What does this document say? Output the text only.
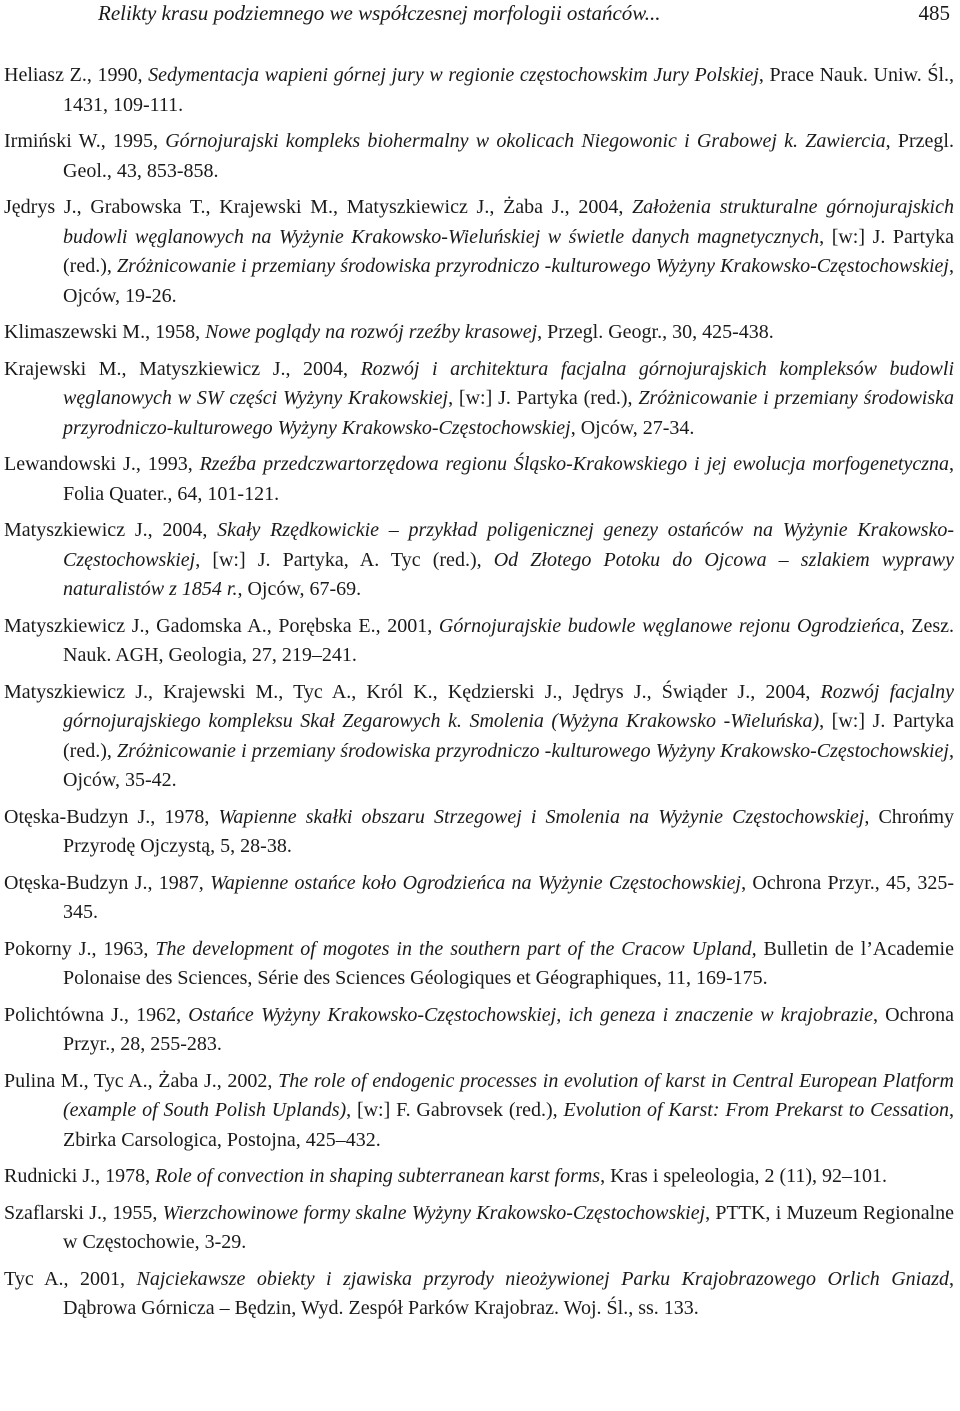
Relikty krasu podziemnego we współczesnej morfologii ostańców...	485
Heliasz Z., 1990, Sedymentacja wapieni górnej jury w regionie częstochowskim Jury Polskiej, Prace Nauk. Uniw. Śl., 1431, 109-111.
Irmiński W., 1995, Górnojurajski kompleks biohermalny w okolicach Niegowonic i Grabowej k. Zawiercia, Przegl. Geol., 43, 853-858.
Jędrys J., Grabowska T., Krajewski M., Matyszkiewicz J., Żaba J., 2004, Założenia strukturalne górnojurajskich budowli węglanowych na Wyżynie Krakowsko-Wieluńskiej w świetle danych magnetycznych, [w:] J. Partyka (red.), Zróżnicowanie i przemiany środowiska przyrodniczo -kulturowego Wyżyny Krakowsko-Częstochowskiej, Ojców, 19-26.
Klimaszewski M., 1958, Nowe poglądy na rozwój rzeźby krasowej, Przegl. Geogr., 30, 425-438.
Krajewski M., Matyszkiewicz J., 2004, Rozwój i architektura facjalna górnojurajskich kompleksów budowli węglanowych w SW części Wyżyny Krakowskiej, [w:] J. Partyka (red.), Zróżnicowanie i przemiany środowiska przyrodniczo-kulturowego Wyżyny Krakowsko-Częstochowskiej, Ojców, 27-34.
Lewandowski J., 1993, Rzeźba przedczwartorzędowa regionu Śląsko-Krakowskiego i jej ewolucja morfogenetyczna, Folia Quater., 64, 101-121.
Matyszkiewicz J., 2004, Skały Rzędkowickie – przykład poligenicznej genezy ostańców na Wyżynie Krakowsko-Częstochowskiej, [w:] J. Partyka, A. Tyc (red.), Od Złotego Potoku do Ojcowa – szlakiem wyprawy naturalistów z 1854 r., Ojców, 67-69.
Matyszkiewicz J., Gadomska A., Porębska E., 2001, Górnojurajskie budowle węglanowe rejonu Ogrodzieńca, Zesz. Nauk. AGH, Geologia, 27, 219–241.
Matyszkiewicz J., Krajewski M., Tyc A., Król K., Kędzierski J., Jędrys J., Świąder J., 2004, Rozwój facjalny górnojurajskiego kompleksu Skał Zegarowych k. Smolenia (Wyżyna Krakowsko -Wieluńska), [w:] J. Partyka (red.), Zróżnicowanie i przemiany środowiska przyrodniczo -kulturowego Wyżyny Krakowsko-Częstochowskiej, Ojców, 35-42.
Otęska-Budzyn J., 1978, Wapienne skałki obszaru Strzegowej i Smolenia na Wyżynie Częstochowskiej, Chrońmy Przyrodę Ojczystą, 5, 28-38.
Otęska-Budzyn J., 1987, Wapienne ostańce koło Ogrodzieńca na Wyżynie Częstochowskiej, Ochrona Przyr., 45, 325-345.
Pokorny J., 1963, The development of mogotes in the southern part of the Cracow Upland, Bulletin de l’Academie Polonaise des Sciences, Série des Sciences Géologiques et Géographiques, 11, 169-175.
Polichtówna J., 1962, Ostańce Wyżyny Krakowsko-Częstochowskiej, ich geneza i znaczenie w krajobrazie, Ochrona Przyr., 28, 255-283.
Pulina M., Tyc A., Żaba J., 2002, The role of endogenic processes in evolution of karst in Central European Platform (example of South Polish Uplands), [w:] F. Gabrovsek (red.), Evolution of Karst: From Prekarst to Cessation, Zbirka Carsologica, Postojna, 425–432.
Rudnicki J., 1978, Role of convection in shaping subterranean karst forms, Kras i speleologia, 2 (11), 92–101.
Szaflarski J., 1955, Wierzchowinowe formy skalne Wyżyny Krakowsko-Częstochowskiej, PTTK, i Muzeum Regionalne w Częstochowie, 3-29.
Tyc A., 2001, Najciekawsze obiekty i zjawiska przyrody nieożywionej Parku Krajobrazowego Orlich Gniazd, Dąbrowa Górnicza – Będzin, Wyd. Zespół Parków Krajobraz. Woj. Śl., ss. 133.
